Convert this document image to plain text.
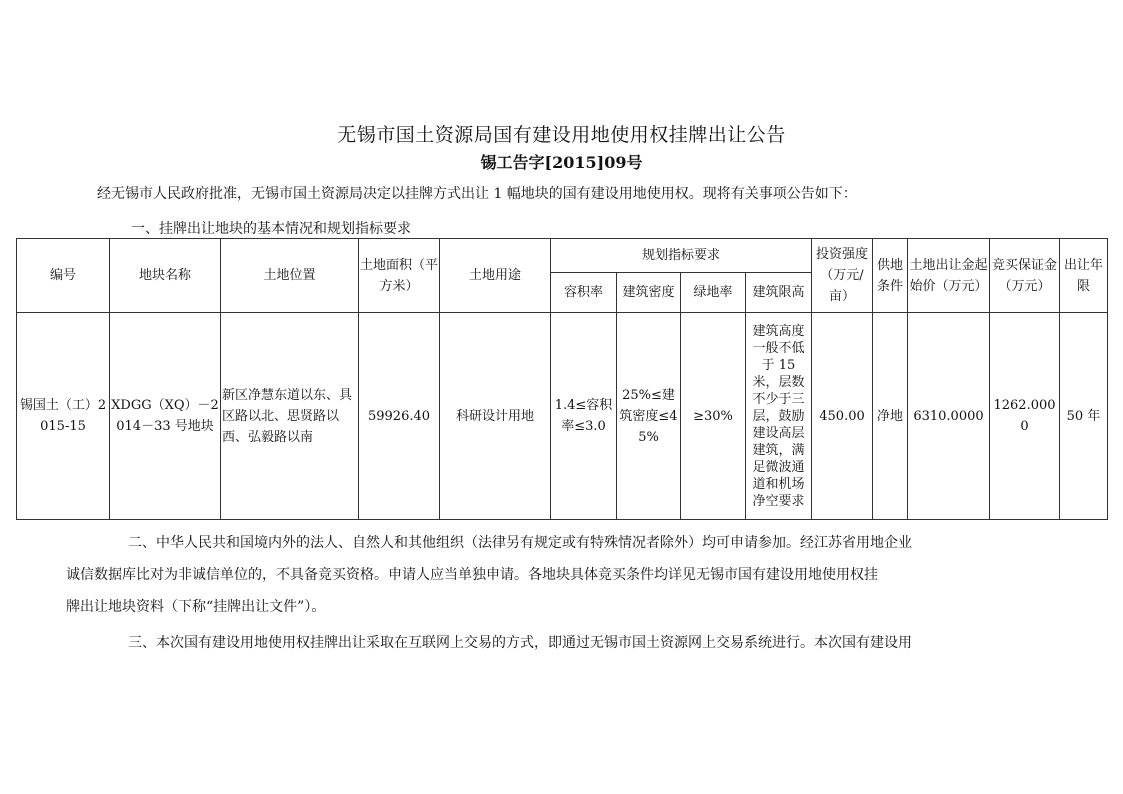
无锡市国土资源局国有建设用地使用权挂牌出让公告
锡工告字[2015]09号
经无锡市人民政府批准，无锡市国土资源局决定以挂牌方式出让 1 幅地块的国有建设用地使用权。现将有关事项公告如下：
一、挂牌出让地块的基本情况和规划指标要求
编号	地块名称	土地位置	土地面积（平方米）	土地用途	规划指标要求				投资强度（万元/亩）	供地条件	土地出让金起始价（万元）	竞买保证金（万元）	出让年限
					容积率	建筑密度	绿地率	建筑限高					
锡国土（工）2015-15	XDGG（XQ）－2014－33 号地块	新区净慧东道以东、具区路以北、思贤路以西、弘毅路以南	59926.40	科研设计用地	1.4≤容积率≤3.0	25%≤建筑密度≤45%	≥30%	建筑高度一般不低于 15 米，层数不少于三层，鼓励建设高层建筑，满足微波通道和机场净空要求	450.00	净地	6310.0000	1262.0000	50 年
二、中华人民共和国境内外的法人、自然人和其他组织（法律另有规定或有特殊情况者除外）均可申请参加。经江苏省用地企业
诚信数据库比对为非诚信单位的，不具备竞买资格。申请人应当单独申请。各地块具体竞买条件均详见无锡市国有建设用地使用权挂
牌出让地块资料（下称“挂牌出让文件”）。
三、本次国有建设用地使用权挂牌出让采取在互联网上交易的方式，即通过无锡市国土资源网上交易系统进行。本次国有建设用
